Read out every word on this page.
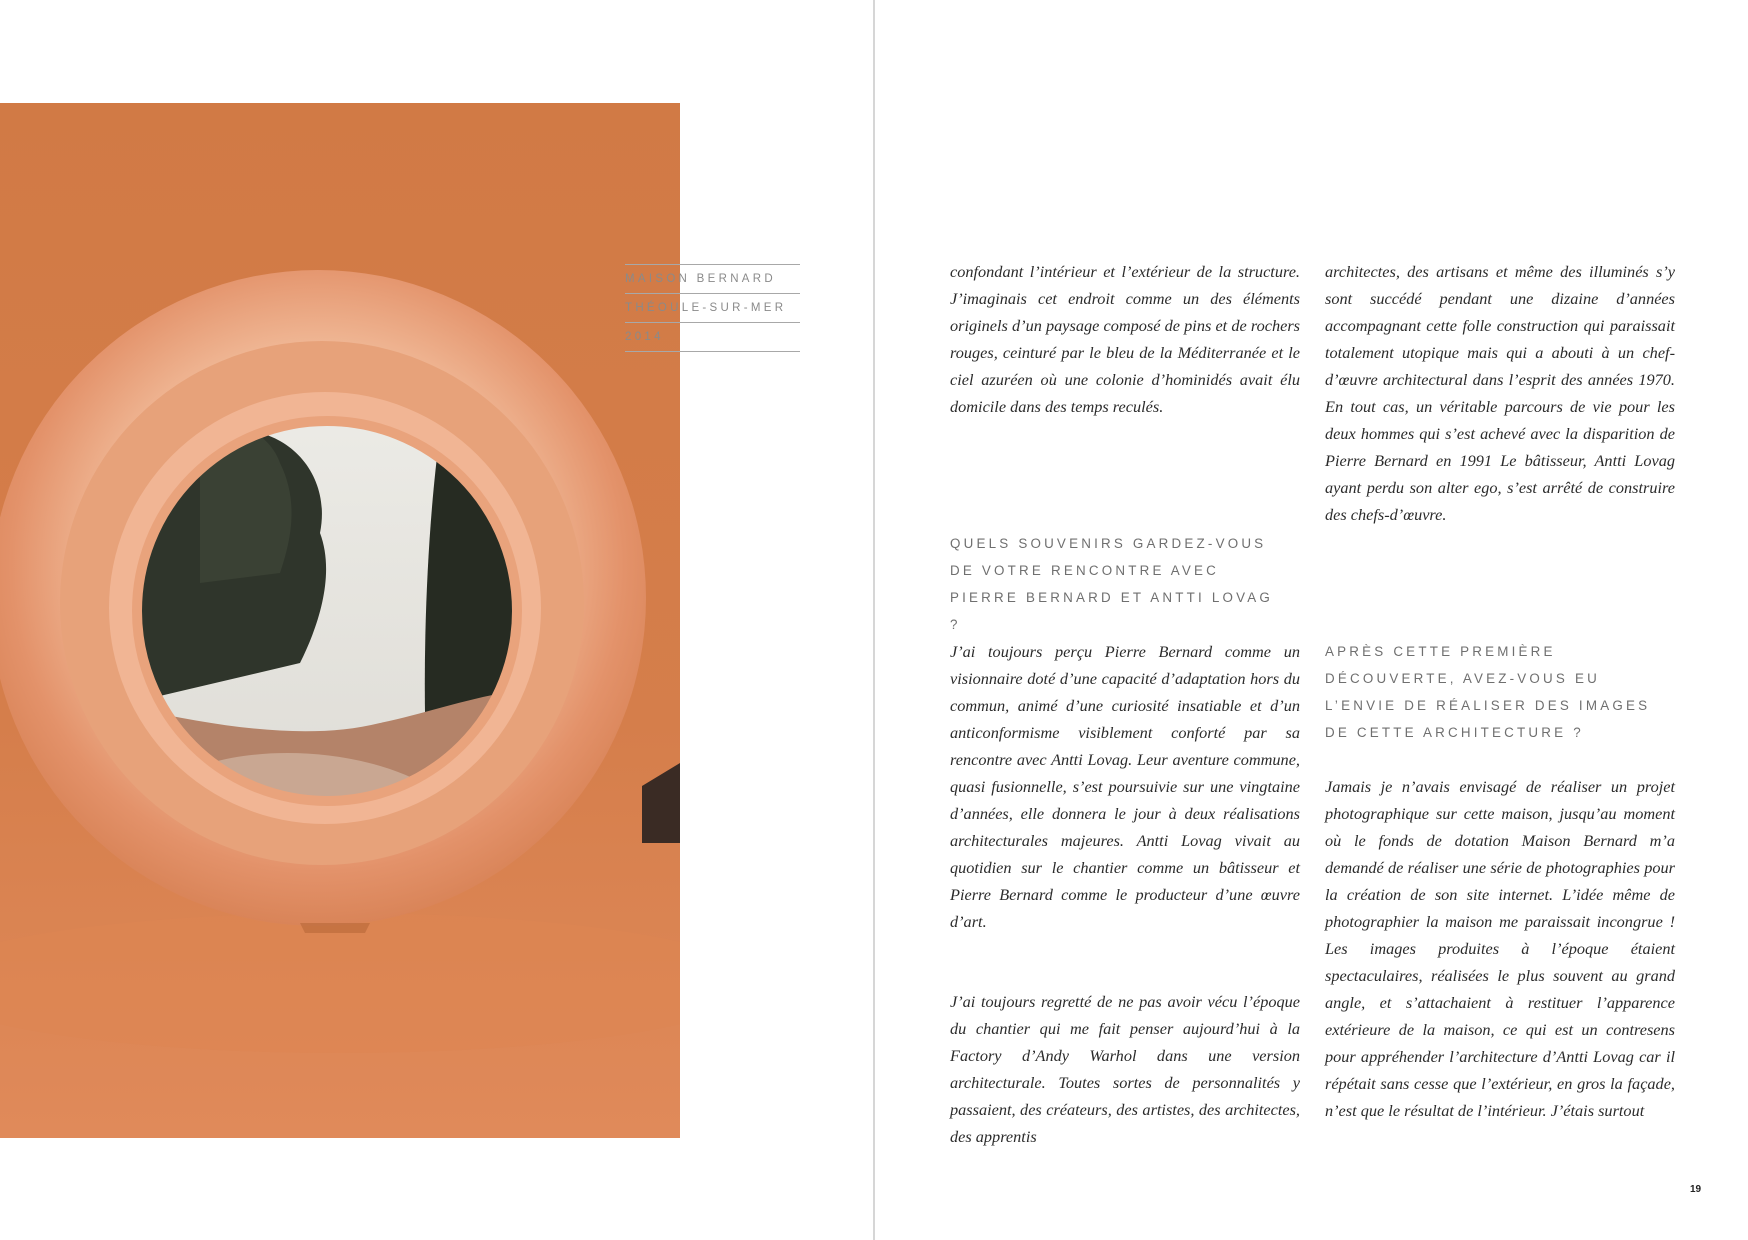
MAISON BERNARD
THÉOULE-SUR-MER
2014

confondant l’intérieur et l’extérieur de la structure. J’imaginais cet endroit comme un des éléments originels d’un paysage composé de pins et de rochers rouges, ceinturé par le bleu de la Méditerranée et le ciel azuréen où une colonie d’hominidés avait élu domicile dans des temps reculés.

QUELS SOUVENIRS GARDEZ-VOUS DE VOTRE RENCONTRE AVEC PIERRE BERNARD ET ANTTI LOVAG ?

J’ai toujours perçu Pierre Bernard comme un visionnaire doté d’une capacité d’adaptation hors du commun, animé d’une curiosité insatiable et d’un anticonformisme visiblement conforté par sa rencontre avec Antti Lovag. Leur aventure commune, quasi fusionnelle, s’est poursuivie sur une vingtaine d’années, elle donnera le jour à deux réalisations architecturales majeures. Antti Lovag vivait au quotidien sur le chantier comme un bâtisseur et Pierre Bernard comme le producteur d’une œuvre d’art.

J’ai toujours regretté de ne pas avoir vécu l’époque du chantier qui me fait penser aujourd’hui à la Factory d’Andy Warhol dans une version architecturale. Toutes sortes de personnalités y passaient, des créateurs, des artistes, des architectes, des apprentis

architectes, des artisans et même des illuminés s’y sont succédé pendant une dizaine d’années accompagnant cette folle construction qui paraissait totalement utopique mais qui a abouti à un chef-d’œuvre architectural dans l’esprit des années 1970. En tout cas, un véritable parcours de vie pour les deux hommes qui s’est achevé avec la disparition de Pierre Bernard en 1991 Le bâtisseur, Antti Lovag ayant perdu son alter ego, s’est arrêté de construire des chefs-d’œuvre.

APRÈS CETTE PREMIÈRE DÉCOUVERTE, AVEZ-VOUS EU L’ENVIE DE RÉALISER DES IMAGES DE CETTE ARCHITECTURE ?

Jamais je n’avais envisagé de réaliser un projet photographique sur cette maison, jusqu’au moment où le fonds de dotation Maison Bernard m’a demandé de réaliser une série de photographies pour la création de son site internet. L’idée même de photographier la maison me paraissait incongrue ! Les images produites à l’époque étaient spectaculaires, réalisées le plus souvent au grand angle, et s’attachaient à restituer l’apparence extérieure de la maison, ce qui est un contresens pour appréhender l’architecture d’Antti Lovag car il répétait sans cesse que l’extérieur, en gros la façade, n’est que le résultat de l’intérieur. J’étais surtout

19
